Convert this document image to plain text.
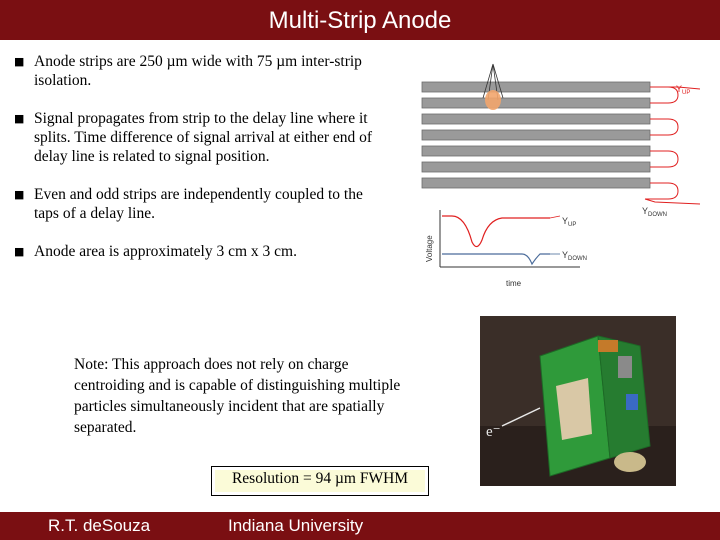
Multi-Strip Anode
■ Anode strips are 250 µm wide with 75 µm inter-strip isolation.
■ Signal propagates from strip to the delay line where it splits. Time difference of signal arrival at either end of delay line is related to signal position.
■ Even and odd strips are independently coupled to the taps of a delay line.
■ Anode area is approximately 3 cm x 3 cm.
Note: This approach does not rely on charge centroiding and is capable of distinguishing multiple particles simultaneously incident that are spatially separated.
Resolution = 94 µm FWHM
$Y_{UP}$
$Y_{DOWN}$
Voltage
time
$Y_{UP}$
$Y_{DOWN}$
e⁻
R.T. deSouza	Indiana University
